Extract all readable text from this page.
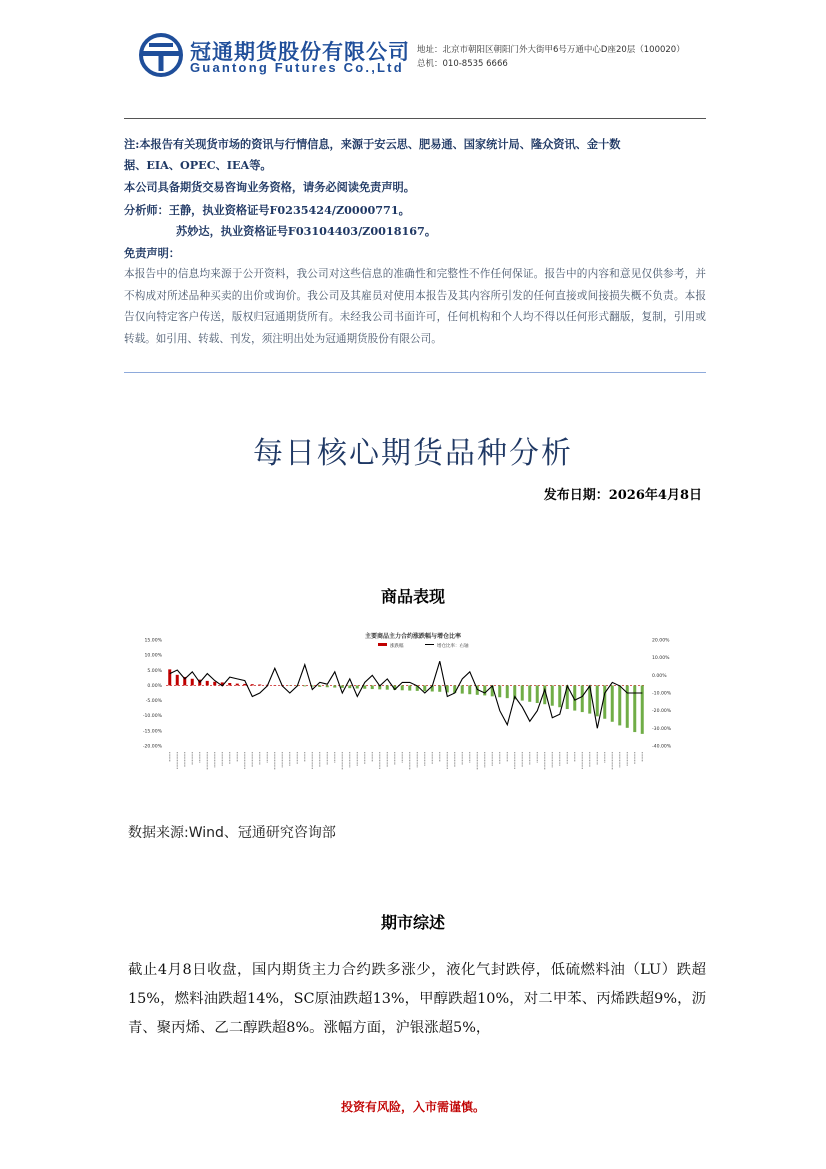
冠通期货股份有限公司
Guantong Futures Co.,Ltd
地址：北京市朝阳区朝阳门外大街甲6号万通中心D座20层（100020）
总机：010-8535 6666
注:本报告有关现货市场的资讯与行情信息，来源于安云思、肥易通、国家统计局、隆众资讯、金十数
据、EIA、OPEC、IEA等。
本公司具备期货交易咨询业务资格，请务必阅读免责声明。
分析师：王静，执业资格证号F0235424/Z0000771。
苏妙达，执业资格证号F03104403/Z0018167。
免责声明：
本报告中的信息均来源于公开资料，我公司对这些信息的准确性和完整性不作任何保证。报告中的内容和意见仅供参考，并不构成对所述品种买卖的出价或询价。我公司及其雇员对使用本报告及其内容所引发的任何直接或间接损失概不负责。本报告仅向特定客户传送，版权归冠通期货所有。未经我公司书面许可，任何机构和个人均不得以任何形式翻版，复制，引用或转载。如引用、转载、刊发，须注明出处为冠通期货股份有限公司。
每日核心期货品种分析
发布日期：2026年4月8日
商品表现
主要商品主力合约涨跌幅与增仓比率
涨跌幅	增仓比率：右轴
15.00%
10.00%
5.00%
0.00%
-5.00%
-10.00%
-15.00%
-20.00%
20.00%
10.00%
0.00%
-10.00%
-20.00%
-30.00%
-40.00%
数据来源:Wind、冠通研究咨询部
期市综述
截止4月8日收盘，国内期货主力合约跌多涨少，液化气封跌停，低硫燃料油（LU）跌超15%，燃料油跌超14%，SC原油跌超13%，甲醇跌超10%，对二甲苯、丙烯跌超9%，沥青、聚丙烯、乙二醇跌超8%。涨幅方面，沪银涨超5%，
投资有风险，入市需谨慎。
